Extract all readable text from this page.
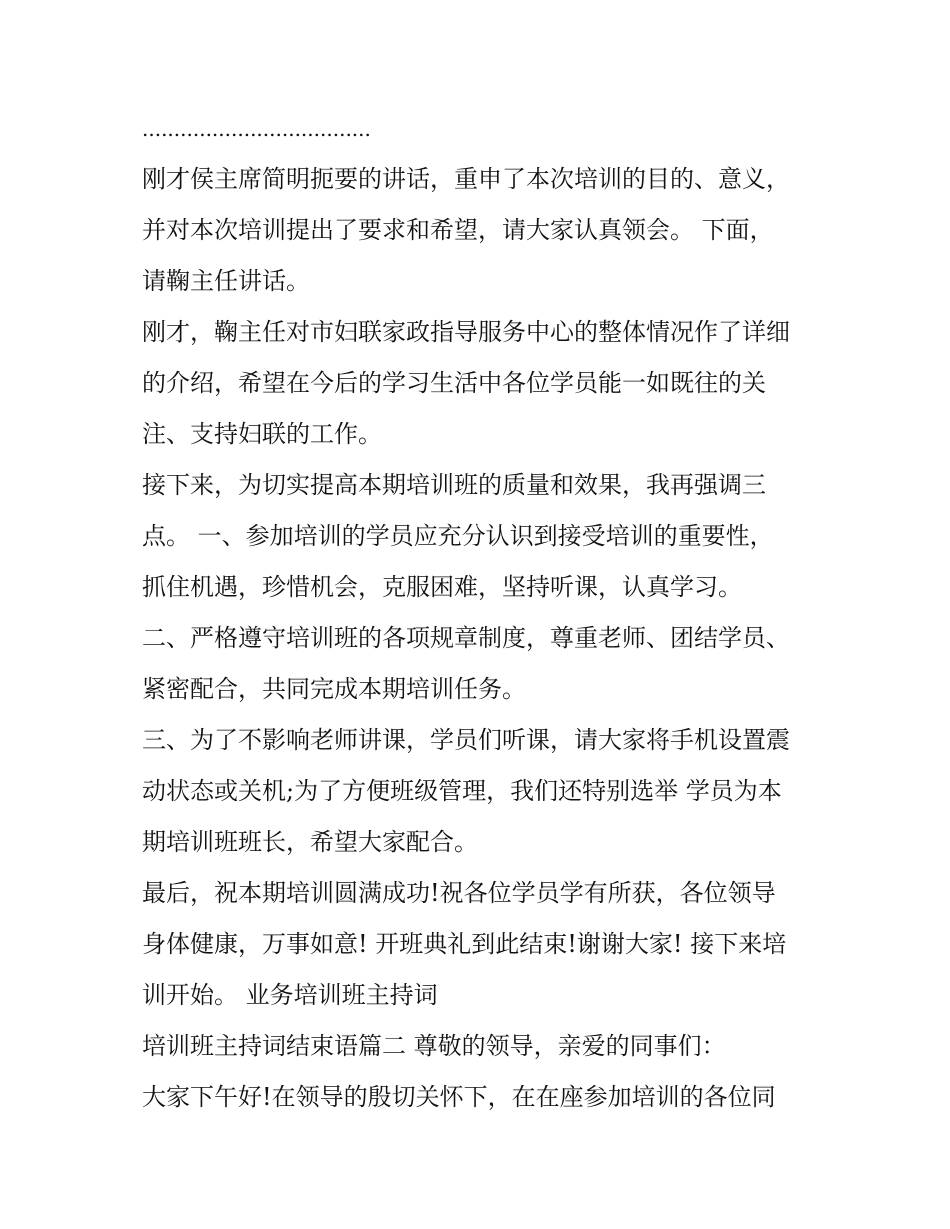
....................................
刚才侯主席简明扼要的讲话，重申了本次培训的目的、意义，
并对本次培训提出了要求和希望，请大家认真领会。 下面，
请鞠主任讲话。
刚才，鞠主任对市妇联家政指导服务中心的整体情况作了详细
的介绍，希望在今后的学习生活中各位学员能一如既往的关
注、支持妇联的工作。
接下来，为切实提高本期培训班的质量和效果，我再强调三
点。 一、参加培训的学员应充分认识到接受培训的重要性，
抓住机遇，珍惜机会，克服困难，坚持听课，认真学习。
二、严格遵守培训班的各项规章制度，尊重老师、团结学员、
紧密配合，共同完成本期培训任务。
三、为了不影响老师讲课，学员们听课，请大家将手机设置震
动状态或关机;为了方便班级管理，我们还特别选举 学员为本
期培训班班长，希望大家配合。
最后，祝本期培训圆满成功!祝各位学员学有所获，各位领导
身体健康，万事如意! 开班典礼到此结束!谢谢大家! 接下来培
训开始。 业务培训班主持词
培训班主持词结束语篇二 尊敬的领导，亲爱的同事们：
大家下午好!在领导的殷切关怀下，在在座参加培训的各位同
